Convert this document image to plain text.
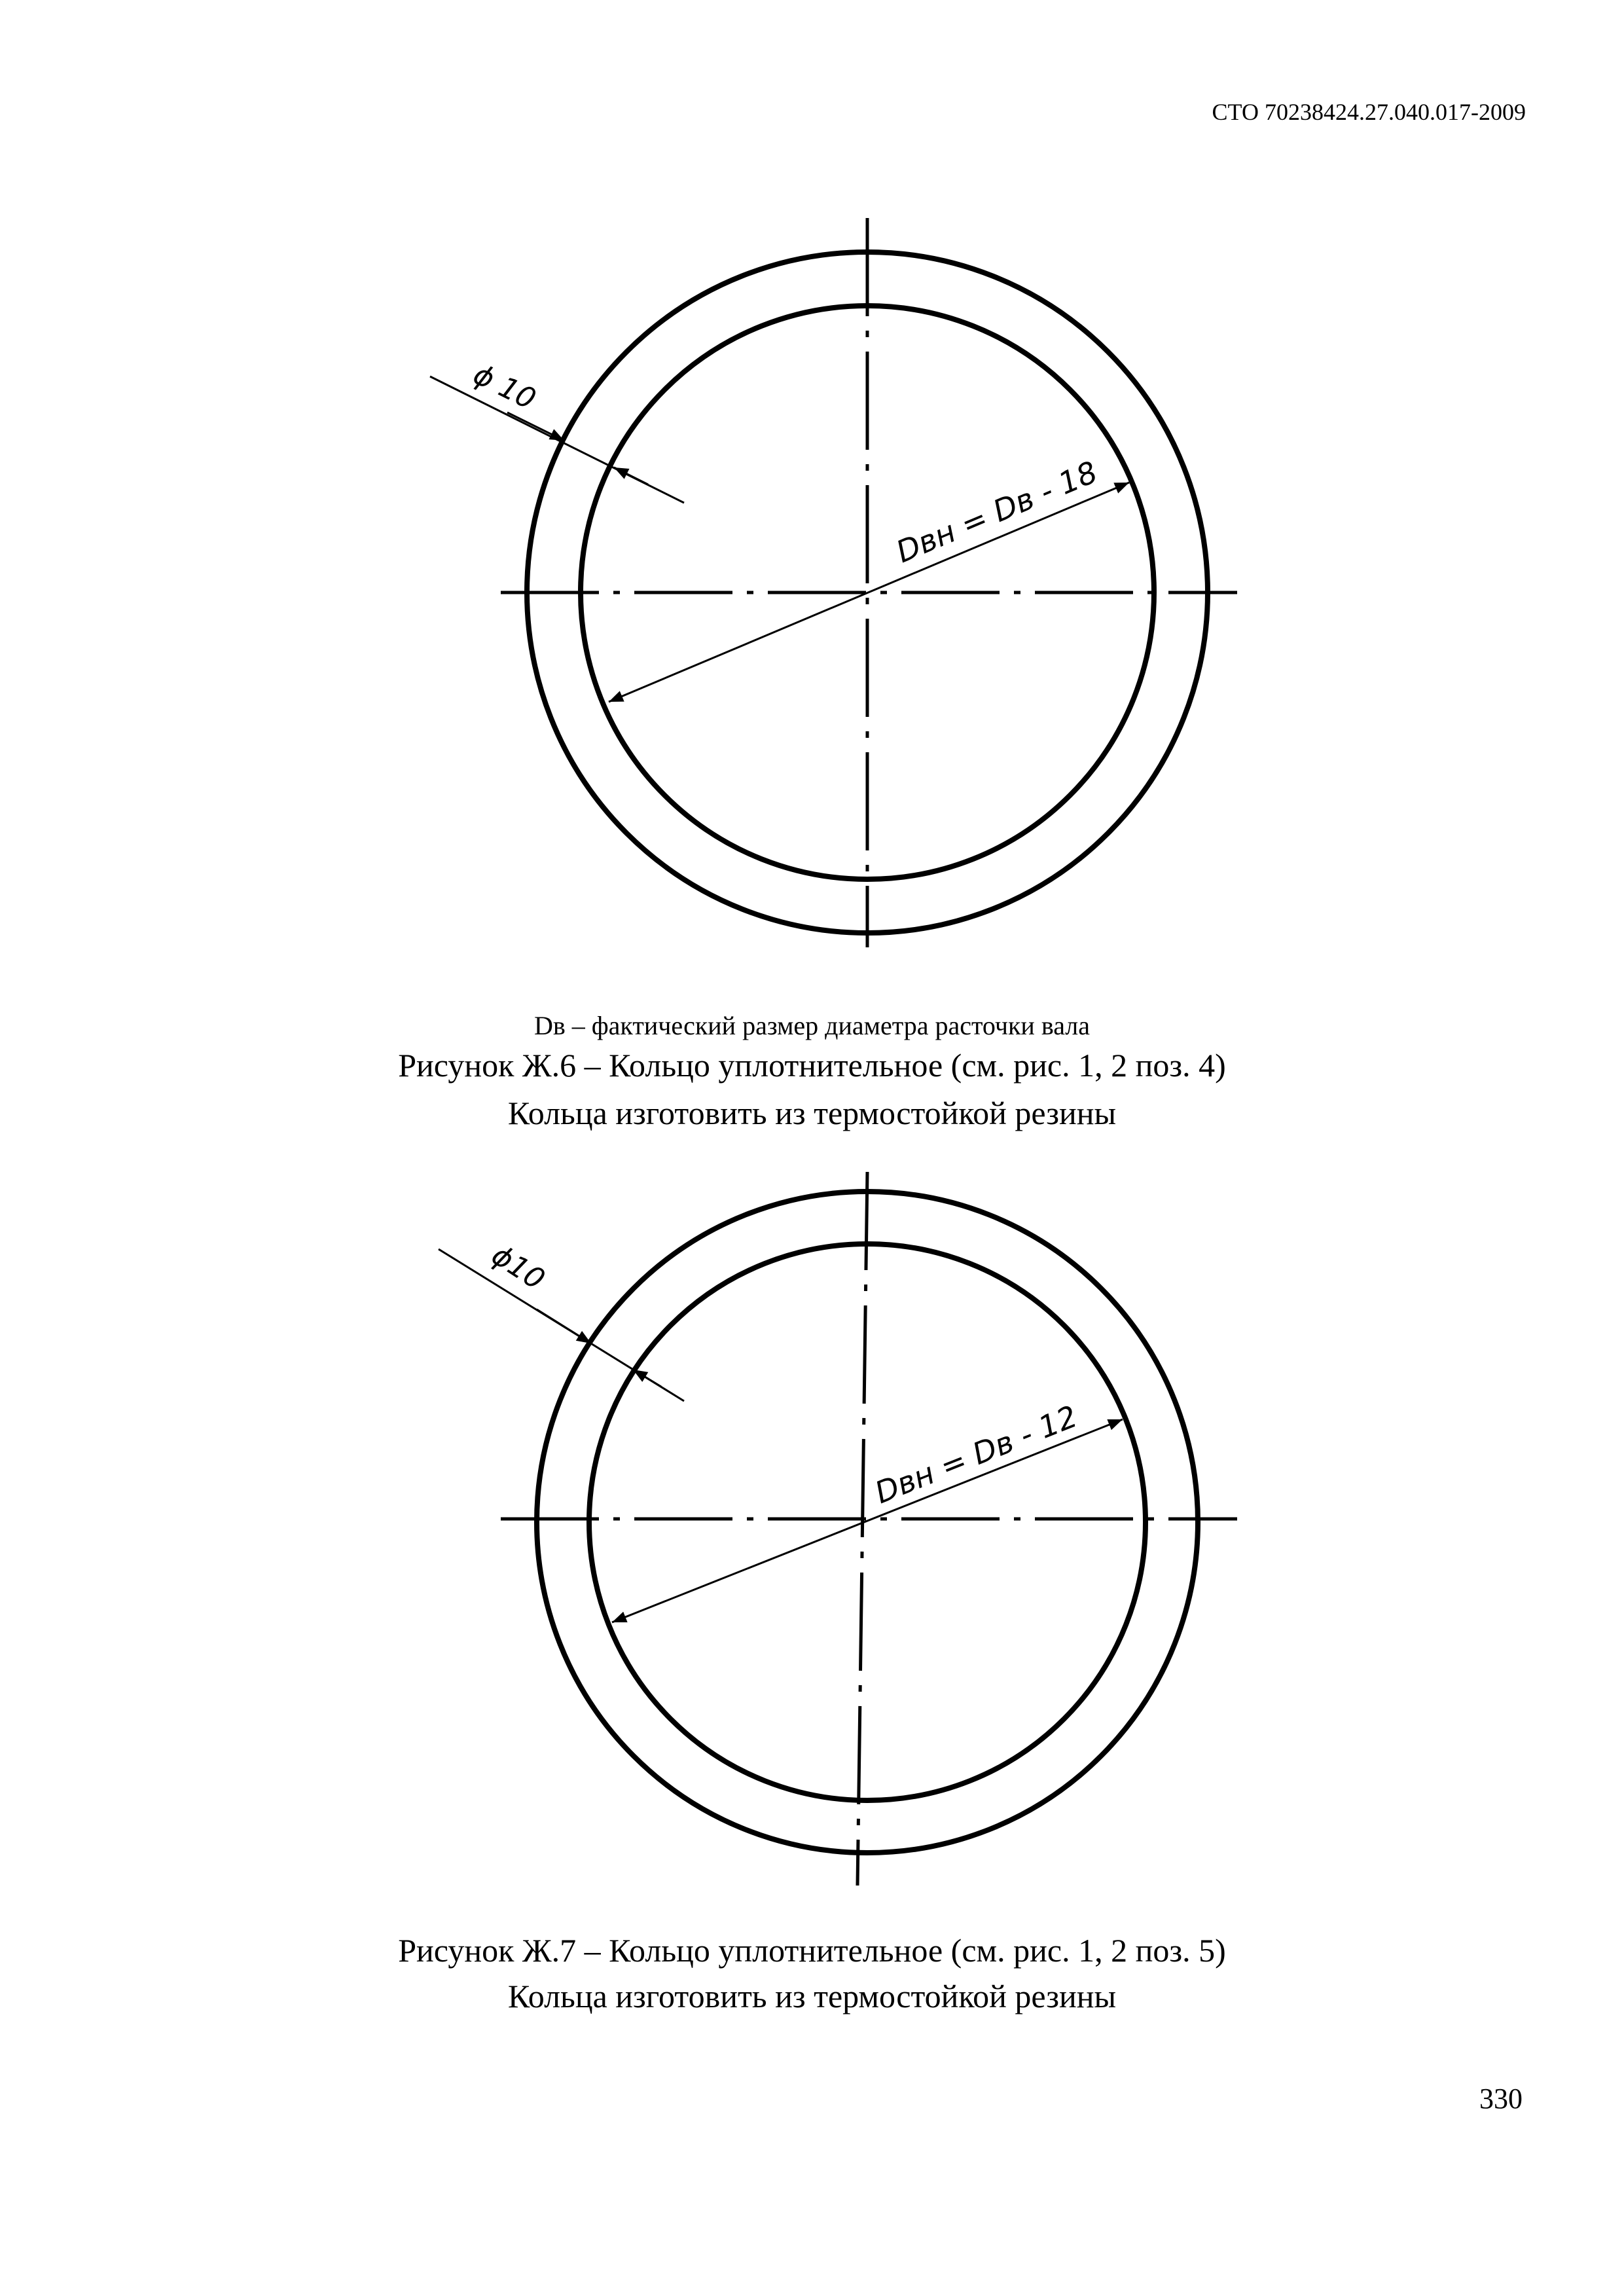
СТО 70238424.27.040.017-2009
ϕ 10
Dвн = Dв - 18
Dв – фактический размер диаметра расточки вала
Рисунок Ж.6 – Кольцо уплотнительное (см. рис. 1, 2 поз. 4)
Кольца изготовить из термостойкой резины
ϕ10
Dвн = Dв - 12
Рисунок Ж.7 – Кольцо уплотнительное (см. рис. 1, 2 поз. 5)
Кольца изготовить из термостойкой резины
330
